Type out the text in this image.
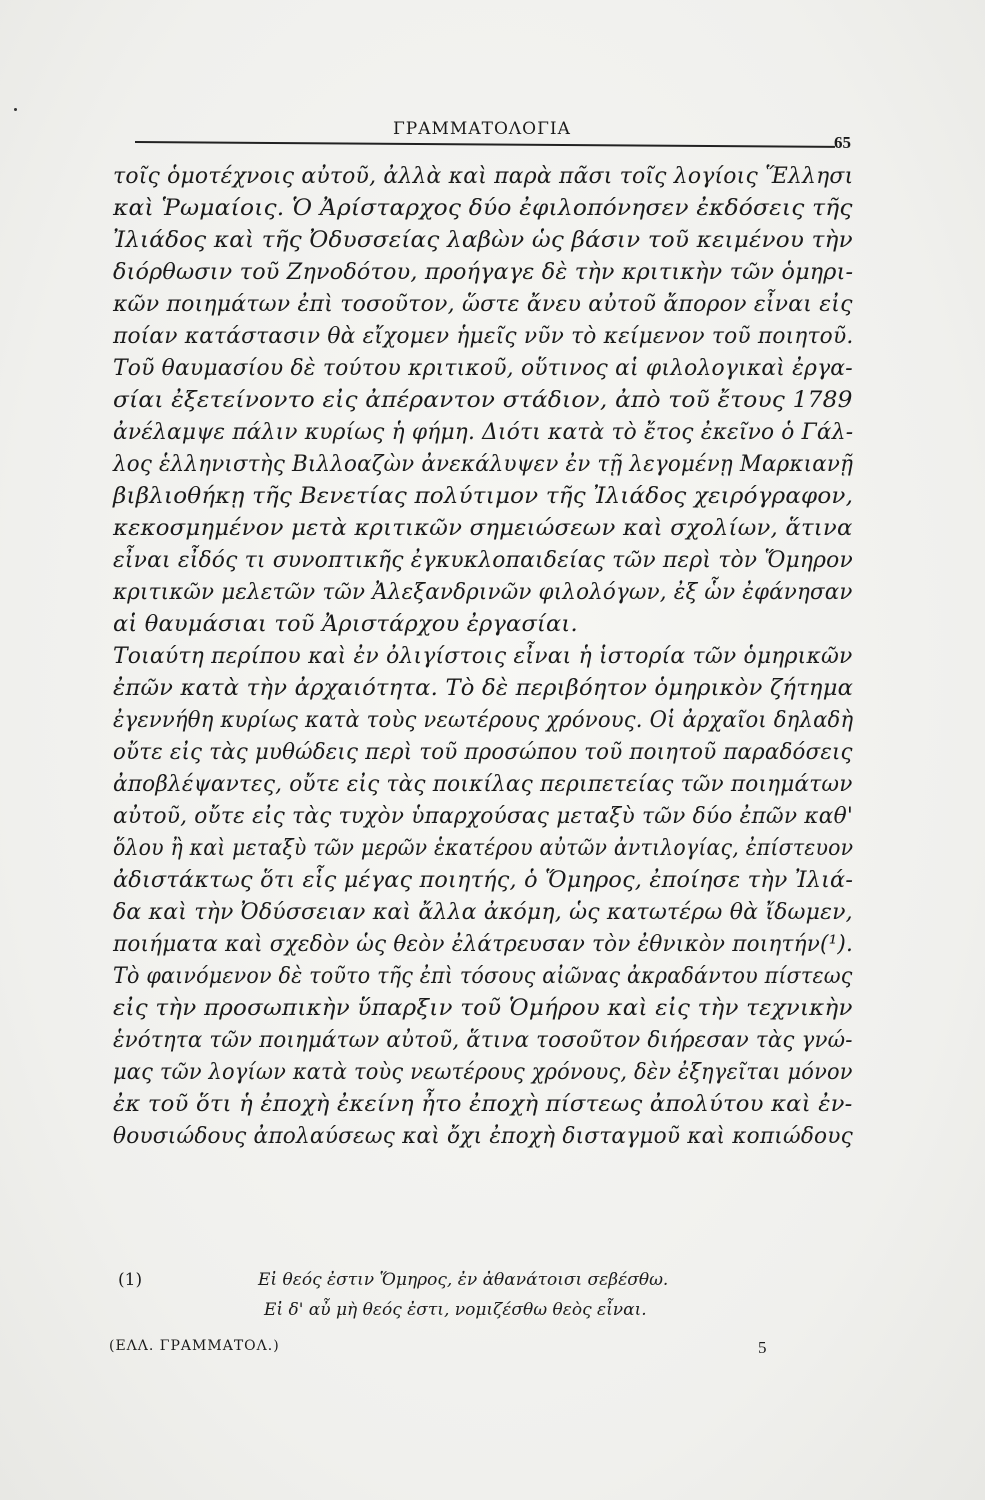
ΓΡΑΜΜΑΤΟΛΟΓΙΑ
65
τοῖς ὁμοτέχνοις αὐτοῦ, ἀλλὰ καὶ παρὰ πᾶσι τοῖς λογίοις Ἕλλησι
καὶ Ῥωμαίοις. Ὁ Ἀρίσταρχος δύο ἐφιλοπόνησεν ἐκδόσεις τῆς
Ἰλιάδος καὶ τῆς Ὀδυσσείας λαβὼν ὡς βάσιν τοῦ κειμένου τὴν
διόρθωσιν τοῦ Ζηνοδότου, προήγαγε δὲ τὴν κριτικὴν τῶν ὁμηρι-
κῶν ποιημάτων ἐπὶ τοσοῦτον, ὥστε ἄνευ αὐτοῦ ἄπορον εἶναι εἰς
ποίαν κατάστασιν θὰ εἴχομεν ἡμεῖς νῦν τὸ κείμενον τοῦ ποιητοῦ.
Τοῦ θαυμασίου δὲ τούτου κριτικοῦ, οὕτινος αἱ φιλολογικαὶ ἐργα-
σίαι ἐξετείνοντο εἰς ἀπέραντον στάδιον, ἀπὸ τοῦ ἔτους 1789
ἀνέλαμψε πάλιν κυρίως ἡ φήμη. Διότι κατὰ τὸ ἔτος ἐκεῖνο ὁ Γάλ-
λος ἑλληνιστὴς Βιλλοαζὼν ἀνεκάλυψεν ἐν τῇ λεγομένῃ Μαρκιανῇ
βιβλιοθήκῃ τῆς Βενετίας πολύτιμον τῆς Ἰλιάδος χειρόγραφον,
κεκοσμημένον μετὰ κριτικῶν σημειώσεων καὶ σχολίων, ἅτινα
εἶναι εἶδός τι συνοπτικῆς ἐγκυκλοπαιδείας τῶν περὶ τὸν Ὅμηρον
κριτικῶν μελετῶν τῶν Ἀλεξανδρινῶν φιλολόγων, ἐξ ὧν ἐφάνησαν
αἱ θαυμάσιαι τοῦ Ἀριστάρχου ἐργασίαι.
Τοιαύτη περίπου καὶ ἐν ὀλιγίστοις εἶναι ἡ ἱστορία τῶν ὁμηρικῶν
ἐπῶν κατὰ τὴν ἀρχαιότητα. Τὸ δὲ περιβόητον ὁμηρικὸν ζήτημα
ἐγεννήθη κυρίως κατὰ τοὺς νεωτέρους χρόνους. Οἱ ἀρχαῖοι δηλαδὴ
οὔτε εἰς τὰς μυθώδεις περὶ τοῦ προσώπου τοῦ ποιητοῦ παραδόσεις
ἀποβλέψαντες, οὔτε εἰς τὰς ποικίλας περιπετείας τῶν ποιημάτων
αὐτοῦ, οὔτε εἰς τὰς τυχὸν ὑπαρχούσας μεταξὺ τῶν δύο ἐπῶν καθ'
ὅλου ἢ καὶ μεταξὺ τῶν μερῶν ἑκατέρου αὐτῶν ἀντιλογίας, ἐπίστευον
ἀδιστάκτως ὅτι εἷς μέγας ποιητής, ὁ Ὅμηρος, ἐποίησε τὴν Ἰλιά-
δα καὶ τὴν Ὀδύσσειαν καὶ ἄλλα ἀκόμη, ὡς κατωτέρω θὰ ἴδωμεν,
ποιήματα καὶ σχεδὸν ὡς θεὸν ἐλάτρευσαν τὸν ἐθνικὸν ποιητήν(¹).
Τὸ φαινόμενον δὲ τοῦτο τῆς ἐπὶ τόσους αἰῶνας ἀκραδάντου πίστεως
εἰς τὴν προσωπικὴν ὕπαρξιν τοῦ Ὁμήρου καὶ εἰς τὴν τεχνικὴν
ἑνότητα τῶν ποιημάτων αὐτοῦ, ἅτινα τοσοῦτον διήρεσαν τὰς γνώ-
μας τῶν λογίων κατὰ τοὺς νεωτέρους χρόνους, δὲν ἐξηγεῖται μόνον
ἐκ τοῦ ὅτι ἡ ἐποχὴ ἐκείνη ἦτο ἐποχὴ πίστεως ἀπολύτου καὶ ἐν-
θουσιώδους ἀπολαύσεως καὶ ὄχι ἐποχὴ δισταγμοῦ καὶ κοπιώδους
(1)	Εἰ θεός ἐστιν Ὅμηρος, ἐν ἀθανάτοισι σεβέσθω.
Εἰ δ' αὖ μὴ θεός ἐστι, νομιζέσθω θεὸς εἶναι.
(ΕΛΛ. ΓΡΑΜΜΑΤΟΛ.)	5
